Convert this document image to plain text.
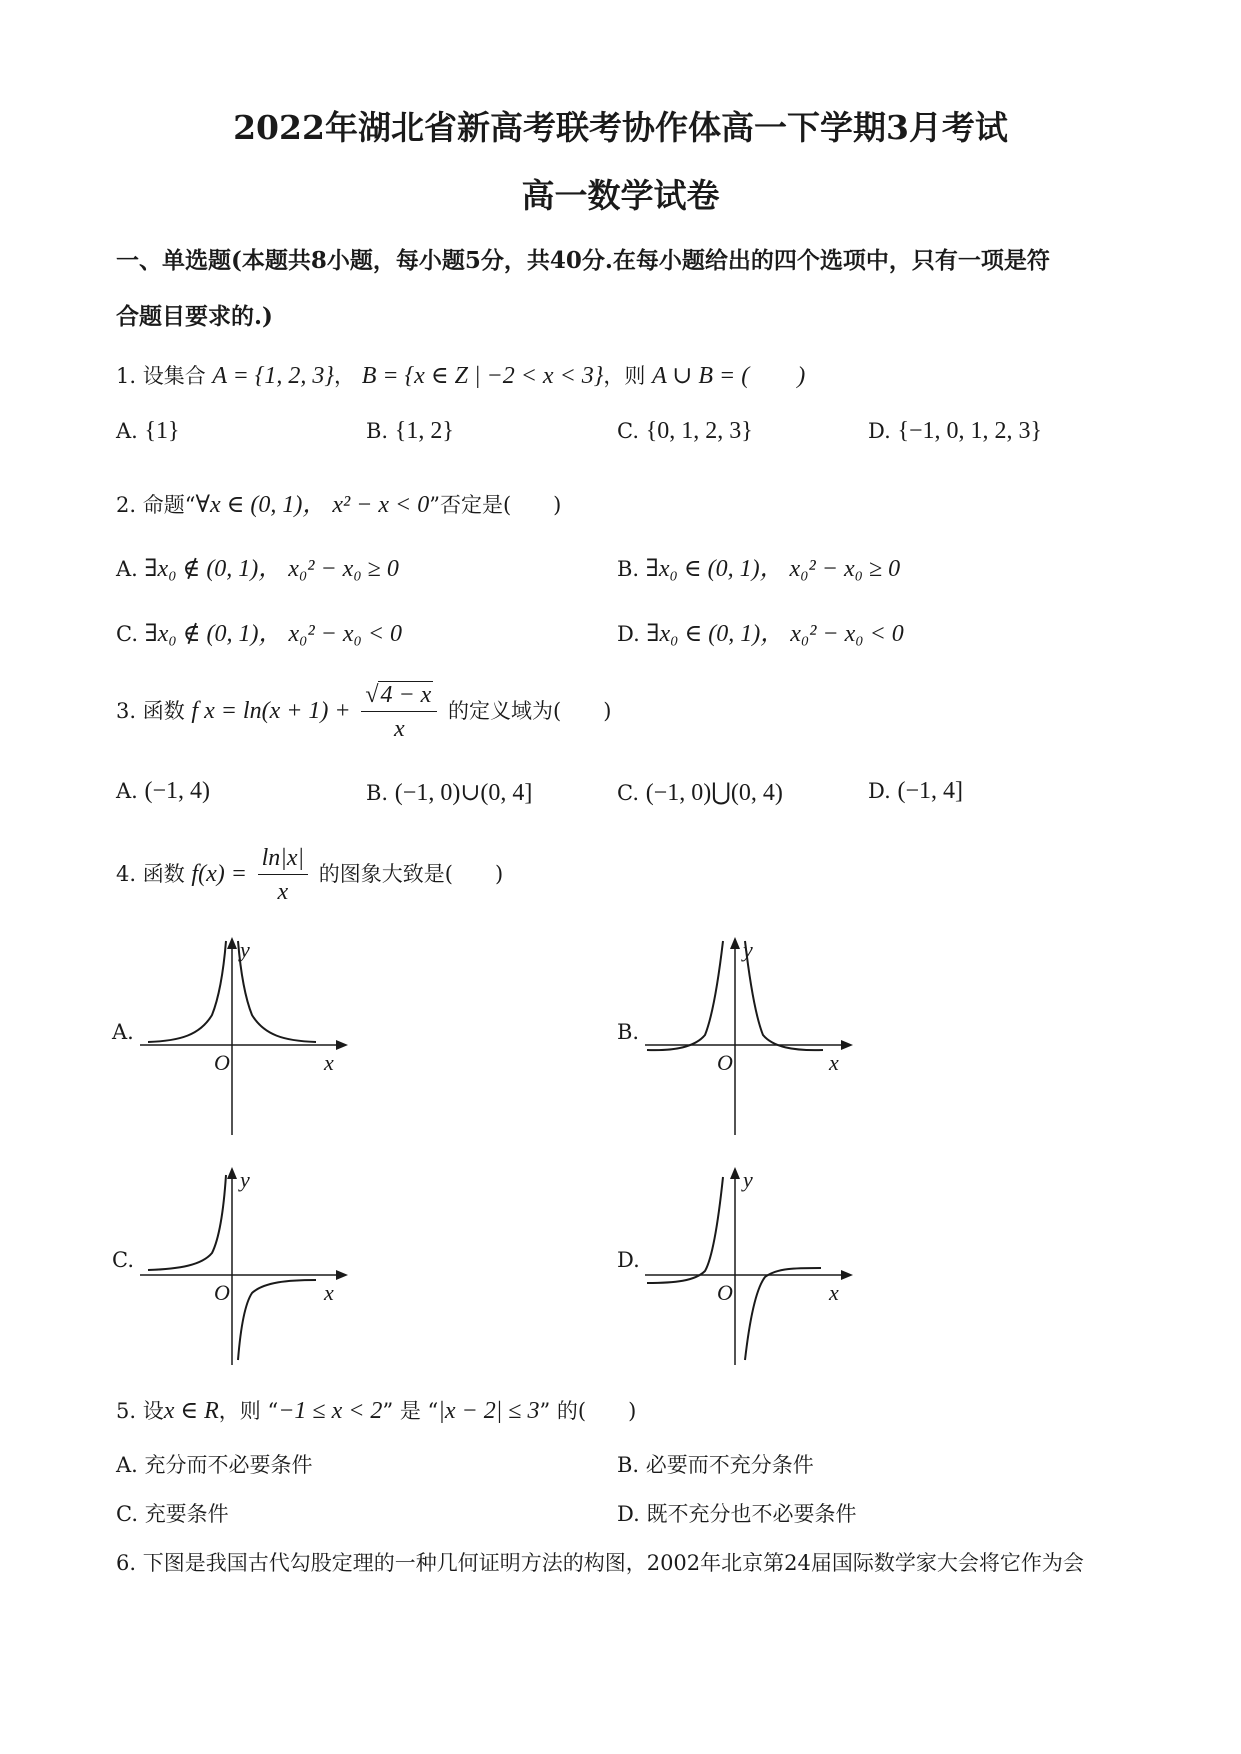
2022年湖北省新高考联考协作体高一下学期3月考试
高一数学试卷
一、单选题(本题共8小题，每小题5分，共40分.在每小题给出的四个选项中，只有一项是符
合题目要求的.)
1. 设集合 A = {1, 2, 3}， B = {x ∈ Z | −2 < x < 3}，则 A ∪ B = (　　)
A. {1}	B. {1, 2}	C. {0, 1, 2, 3}	D. {−1, 0, 1, 2, 3}
2. 命题“∀x ∈ (0, 1)， x² − x < 0”否定是(　　)
A. ∃x₀ ∉ (0, 1)， x₀² − x₀ ≥ 0	B. ∃x₀ ∈ (0, 1)， x₀² − x₀ ≥ 0
C. ∃x₀ ∉ (0, 1)， x₀² − x₀ < 0	D. ∃x₀ ∈ (0, 1)， x₀² − x₀ < 0
3. 函数 f $x = \ln(x + 1) + \frac{√4 - x}{x}$ 的定义域为(　　)
A. (−1, 4)	B. (−1, 0)∪(0, 4]	C. (−1, 0)⋃(0, 4)	D. (−1, 4]
4. 函数 $f(x) = \frac{\ln|x|}{x}$ 的图象大致是(　　)
A.	B.
C.	D.
O	x
y
O	x
y
O	x
y
O	x
y
5. 设x ∈ R，则 “−1 ≤ x < 2” 是 “|x − 2| ≤ 3” 的(　　)
A. 充分而不必要条件	B. 必要而不充分条件
C. 充要条件	D. 既不充分也不必要条件
6. 下图是我国古代勾股定理的一种几何证明方法的构图，2002年北京第24届国际数学家大会将它作为会
